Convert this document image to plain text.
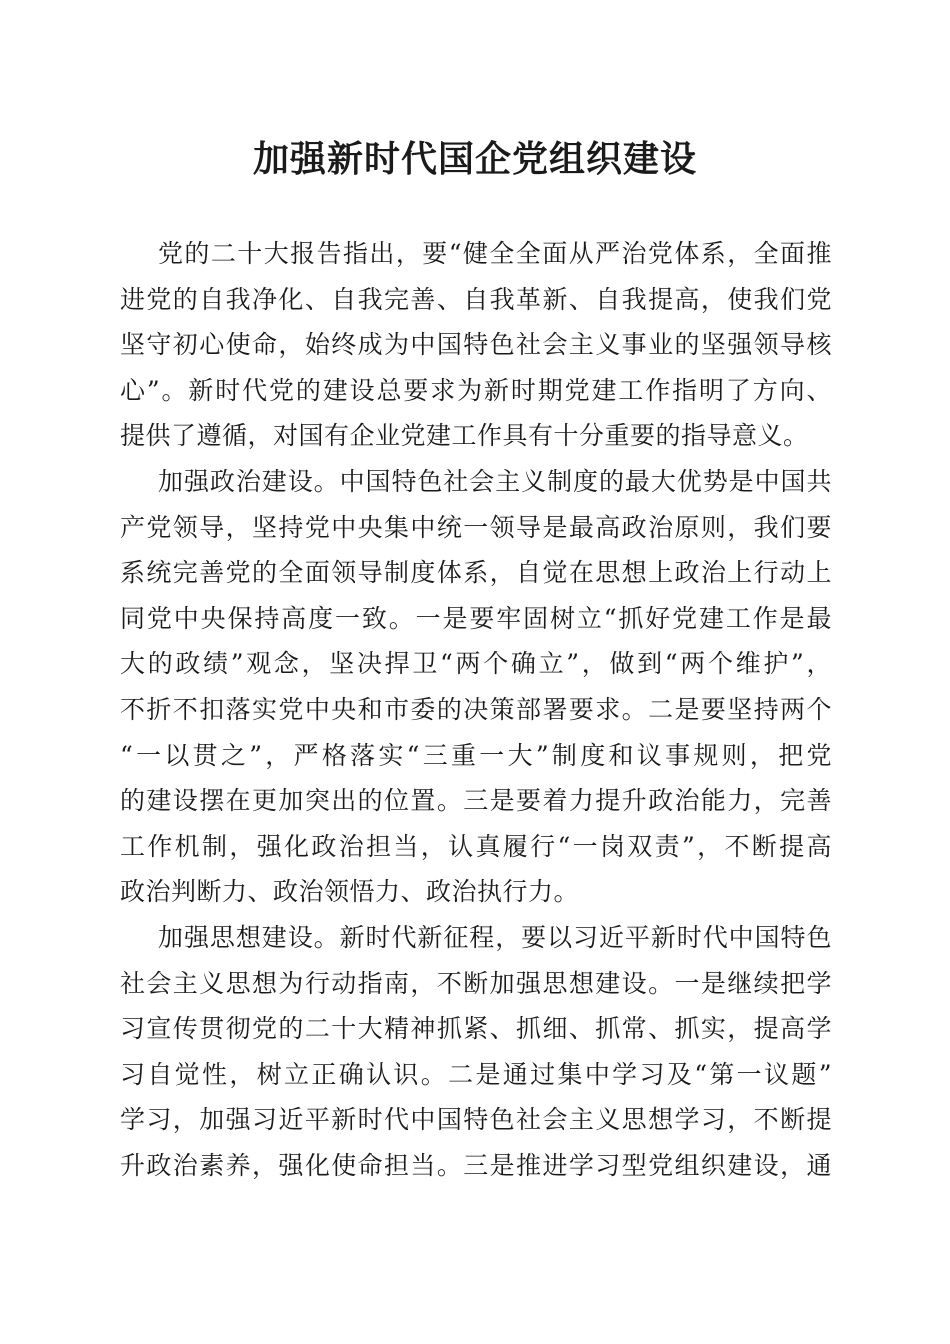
加强新时代国企党组织建设
党的二十大报告指出，要“健全全面从严治党体系，全面推
进党的自我净化、自我完善、自我革新、自我提高，使我们党
坚守初心使命，始终成为中国特色社会主义事业的坚强领导核
心”。新时代党的建设总要求为新时期党建工作指明了方向、
提供了遵循，对国有企业党建工作具有十分重要的指导意义。
加强政治建设。中国特色社会主义制度的最大优势是中国共
产党领导，坚持党中央集中统一领导是最高政治原则，我们要
系统完善党的全面领导制度体系，自觉在思想上政治上行动上
同党中央保持高度一致。一是要牢固树立“抓好党建工作是最
大的政绩”观念，坚决捍卫“两个确立”，做到“两个维护”，
不折不扣落实党中央和市委的决策部署要求。二是要坚持两个
“一以贯之”，严格落实“三重一大”制度和议事规则，把党
的建设摆在更加突出的位置。三是要着力提升政治能力，完善
工作机制，强化政治担当，认真履行“一岗双责”，不断提高
政治判断力、政治领悟力、政治执行力。
加强思想建设。新时代新征程，要以习近平新时代中国特色
社会主义思想为行动指南，不断加强思想建设。一是继续把学
习宣传贯彻党的二十大精神抓紧、抓细、抓常、抓实，提高学
习自觉性，树立正确认识。二是通过集中学习及“第一议题”
学习，加强习近平新时代中国特色社会主义思想学习，不断提
升政治素养，强化使命担当。三是推进学习型党组织建设，通
